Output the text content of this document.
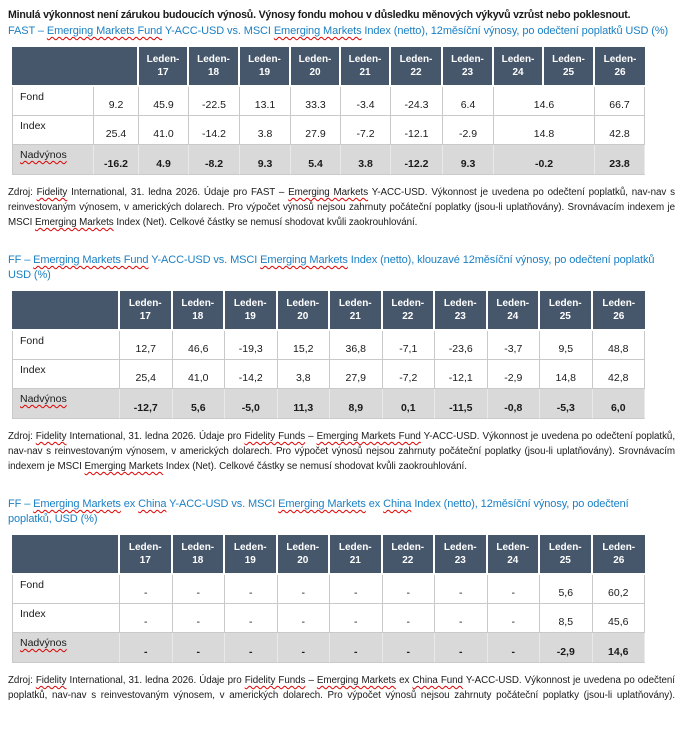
Minulá výkonnost není zárukou budoucích výnosů. Výnosy fondu mohou v důsledku měnových výkyvů vzrůst nebo poklesnout.

FAST – Emerging Markets Fund Y-ACC-USD vs. MSCI Emerging Markets Index (netto), 12měsíční výnosy, po odečtení poplatků USD (%)
		Leden-
17	Leden-
18	Leden-
19	Leden-
20	Leden-
21	Leden-
22	Leden-
23	Leden-
24	Leden-
25	Leden-
26
Fond	9.2	45.9	-22.5	13.1	33.3	-3.4	-24.3	6.4	14.6		66.7
Index	25.4	41.0	-14.2	3.8	27.9	-7.2	-12.1	-2.9	14.8		42.8
Nadvýnos	-16.2	4.9	-8.2	9.3	5.4	3.8	-12.2	9.3	-0.2		23.8

Zdroj: Fidelity International, 31. ledna 2026. Údaje pro FAST – Emerging Markets Y-ACC-USD. Výkonnost je uvedena po odečtení poplatků, nav-nav s reinvestovaným výnosem, v amerických dolarech. Pro výpočet výnosů nejsou zahrnuty počáteční poplatky (jsou-li uplatňovány). Srovnávacím indexem je MSCI Emerging Markets Index (Net). Celkové částky se nemusí shodovat kvůli zaokrouhlování.

FF – Emerging Markets Fund Y-ACC-USD vs. MSCI Emerging Markets Index (netto), klouzavé 12měsíční výnosy, po odečtení poplatků USD (%)
	Leden-
17	Leden-
18	Leden-
19	Leden-
20	Leden-
21	Leden-
22	Leden-
23	Leden-
24	Leden-
25	Leden-
26
Fond	12,7	46,6	-19,3	15,2	36,8	-7,1	-23,6	-3,7	9,5	48,8
Index	25,4	41,0	-14,2	3,8	27,9	-7,2	-12,1	-2,9	14,8	42,8
Nadvýnos	-12,7	5,6	-5,0	11,3	8,9	0,1	-11,5	-0,8	-5,3	6,0

Zdroj: Fidelity International, 31. ledna 2026. Údaje pro Fidelity Funds – Emerging Markets Fund Y-ACC-USD. Výkonnost je uvedena po odečtení poplatků, nav-nav s reinvestovaným výnosem, v amerických dolarech. Pro výpočet výnosů nejsou zahrnuty počáteční poplatky (jsou-li uplatňovány). Srovnávacím indexem je MSCI Emerging Markets Index (Net). Celkové částky se nemusí shodovat kvůli zaokrouhlování.

FF – Emerging Markets ex China Y-ACC-USD vs. MSCI Emerging Markets ex China Index (netto), 12měsíční výnosy, po odečtení poplatků, USD (%)
	Leden-
17	Leden-
18	Leden-
19	Leden-
20	Leden-
21	Leden-
22	Leden-
23	Leden-
24	Leden-
25	Leden-
26
Fond	-	-	-	-	-	-	-	-	5,6	60,2
Index	-	-	-	-	-	-	-	-	8,5	45,6
Nadvýnos	-	-	-	-	-	-	-	-	-2,9	14,6

Zdroj: Fidelity International, 31. ledna 2026. Údaje pro Fidelity Funds – Emerging Markets ex China Fund Y-ACC-USD. Výkonnost je uvedena po odečtení poplatků, nav-nav s reinvestovaným výnosem, v amerických dolarech. Pro výpočet výnosů nejsou zahrnuty počáteční poplatky (jsou-li uplatňovány).
